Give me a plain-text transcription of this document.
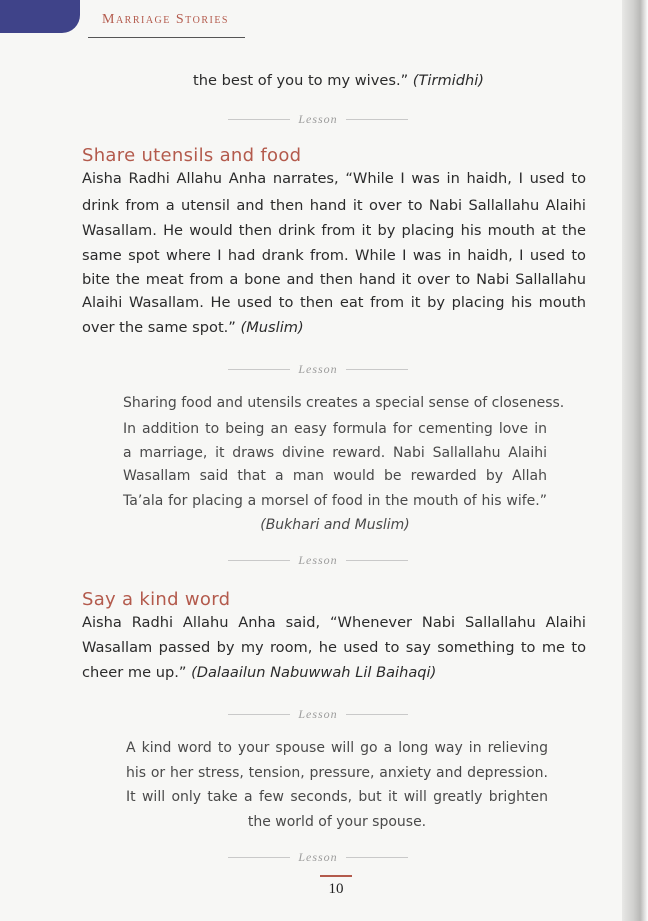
Marriage Stories

the best of you to my wives.” (Tirmidhi)

Lesson
Share utensils and food

Aisha Radhi Allahu Anha narrates, “While I was in haidh, I used to

drink from a utensil and then hand it over to Nabi Sallallahu Alaihi

Wasallam. He would then drink from it by placing his mouth at the

same spot where I had drank from. While I was in haidh, I used to

bite the meat from a bone and then hand it over to Nabi Sallallahu

Alaihi Wasallam. He used to then eat from it by placing his mouth

over the same spot.” (Muslim)

Lesson

Sharing food and utensils creates a special sense of closeness.

In addition to being an easy formula for cementing love in

a marriage, it draws divine reward. Nabi Sallallahu Alaihi

Wasallam said that a man would be rewarded by Allah

Ta’ala for placing a morsel of food in the mouth of his wife.”

(Bukhari and Muslim)

Lesson
Say a kind word

Aisha Radhi Allahu Anha said, “Whenever Nabi Sallallahu Alaihi

Wasallam passed by my room, he used to say something to me to

cheer me up.” (Dalaailun Nabuwwah Lil Baihaqi)

Lesson

A kind word to your spouse will go a long way in relieving

his or her stress, tension, pressure, anxiety and depression.

It will only take a few seconds, but it will greatly brighten

the world of your spouse.

Lesson
10
